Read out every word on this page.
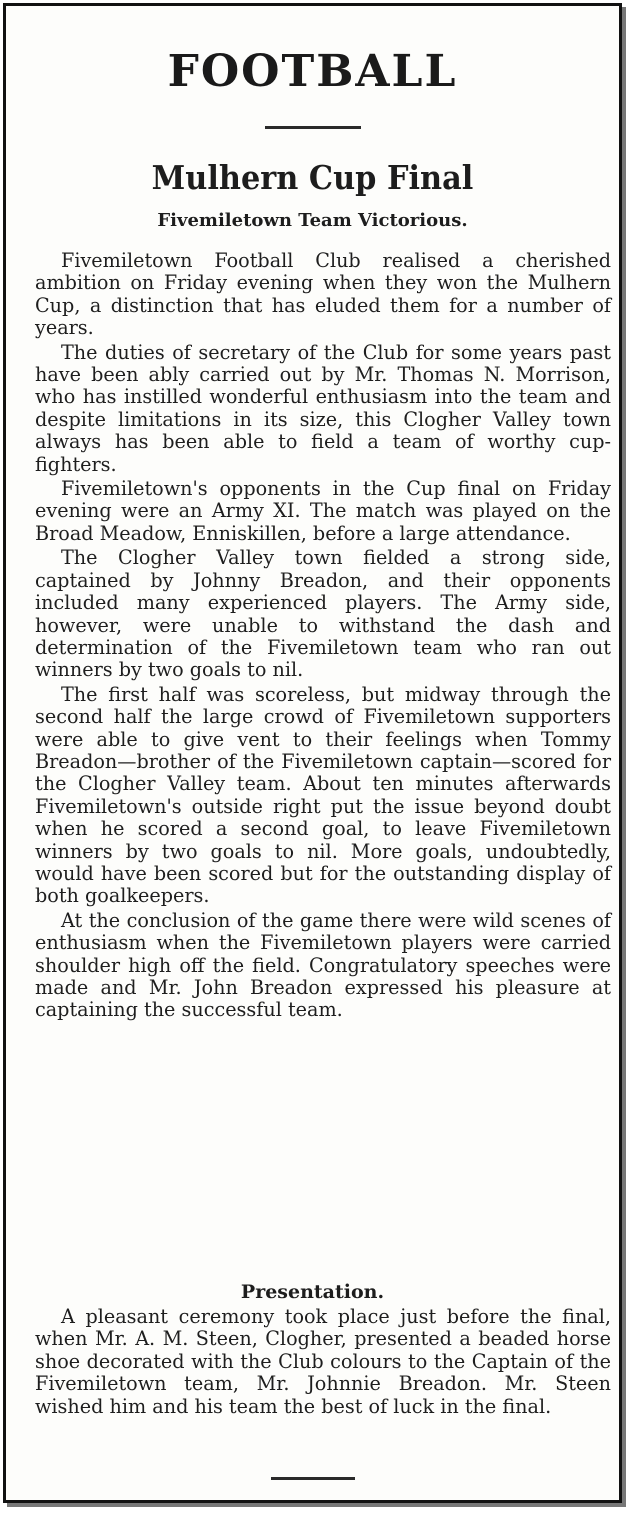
FOOTBALL
Mulhern Cup Final
Fivemiletown Team Victorious.

Fivemiletown Football Club realised a cherished ambition on Friday evening when they won the Mulhern Cup, a distinction that has eluded them for a number of years.

The duties of secretary of the Club for some years past have been ably carried out by Mr. Thomas N. Morrison, who has instilled wonderful enthusiasm into the team and despite limitations in its size, this Clogher Valley town always has been able to field a team of worthy cup-fighters.

Fivemiletown's opponents in the Cup final on Friday evening were an Army XI. The match was played on the Broad Meadow, Enniskillen, before a large attendance.

The Clogher Valley town fielded a strong side, captained by Johnny Breadon, and their opponents included many experienced players. The Army side, however, were unable to withstand the dash and determination of the Fivemiletown team who ran out winners by two goals to nil.

The first half was scoreless, but midway through the second half the large crowd of Fivemiletown supporters were able to give vent to their feelings when Tommy Breadon—brother of the Fivemiletown captain—scored for the Clogher Valley team. About ten minutes afterwards Fivemiletown's outside right put the issue beyond doubt when he scored a second goal, to leave Fivemiletown winners by two goals to nil. More goals, undoubtedly, would have been scored but for the outstanding display of both goalkeepers.

At the conclusion of the game there were wild scenes of enthusiasm when the Fivemiletown players were carried shoulder high off the field. Congratulatory speeches were made and Mr. John Breadon expressed his pleasure at captaining the successful team.

Presentation.

A pleasant ceremony took place just before the final, when Mr. A. M. Steen, Clogher, presented a beaded horse shoe decorated with the Club colours to the Captain of the Fivemiletown team, Mr. Johnnie Breadon. Mr. Steen wished him and his team the best of luck in the final.
